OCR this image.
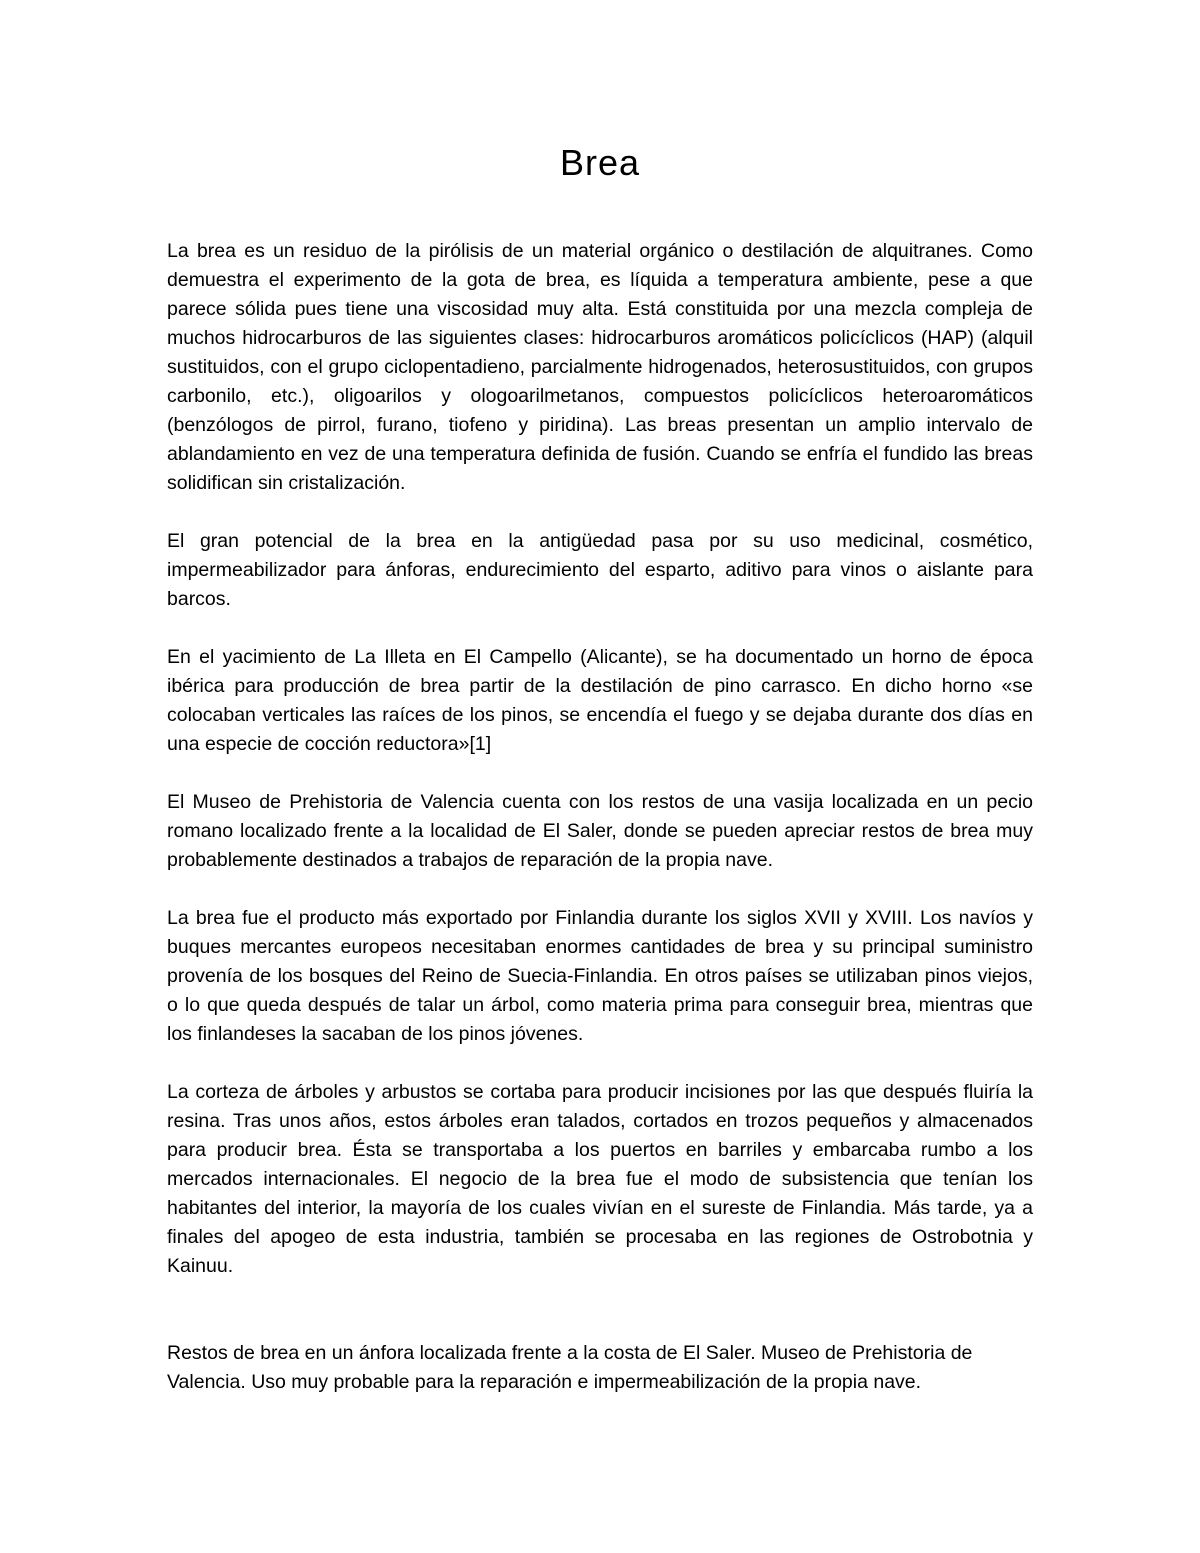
Brea

La brea es un residuo de la pirólisis de un material orgánico o destilación de alquitranes. Como demuestra el experimento de la gota de brea, es líquida a temperatura ambiente, pese a que parece sólida pues tiene una viscosidad muy alta. Está constituida por una mezcla compleja de muchos hidrocarburos de las siguientes clases: hidrocarburos aromáticos policíclicos (HAP) (alquil sustituidos, con el grupo ciclopentadieno, parcialmente hidrogenados, heterosustituidos, con grupos carbonilo, etc.), oligoarilos y ologoarilmetanos, compuestos policíclicos heteroaromáticos (benzólogos de pirrol, furano, tiofeno y piridina). Las breas presentan un amplio intervalo de ablandamiento en vez de una temperatura definida de fusión. Cuando se enfría el fundido las breas solidifican sin cristalización.

El gran potencial de la brea en la antigüedad pasa por su uso medicinal, cosmético, impermeabilizador para ánforas, endurecimiento del esparto, aditivo para vinos o aislante para barcos.

En el yacimiento de La Illeta en El Campello (Alicante), se ha documentado un horno de época ibérica para producción de brea partir de la destilación de pino carrasco. En dicho horno «se colocaban verticales las raíces de los pinos, se encendía el fuego y se dejaba durante dos días en una especie de cocción reductora»[1]

El Museo de Prehistoria de Valencia cuenta con los restos de una vasija localizada en un pecio romano localizado frente a la localidad de El Saler, donde se pueden apreciar restos de brea muy probablemente destinados a trabajos de reparación de la propia nave.

La brea fue el producto más exportado por Finlandia durante los siglos XVII y XVIII. Los navíos y buques mercantes europeos necesitaban enormes cantidades de brea y su principal suministro provenía de los bosques del Reino de Suecia-Finlandia. En otros países se utilizaban pinos viejos, o lo que queda después de talar un árbol, como materia prima para conseguir brea, mientras que los finlandeses la sacaban de los pinos jóvenes.

La corteza de árboles y arbustos se cortaba para producir incisiones por las que después fluiría la resina. Tras unos años, estos árboles eran talados, cortados en trozos pequeños y almacenados para producir brea. Ésta se transportaba a los puertos en barriles y embarcaba rumbo a los mercados internacionales. El negocio de la brea fue el modo de subsistencia que tenían los habitantes del interior, la mayoría de los cuales vivían en el sureste de Finlandia. Más tarde, ya a finales del apogeo de esta industria, también se procesaba en las regiones de Ostrobotnia y Kainuu.

Restos de brea en un ánfora localizada frente a la costa de El Saler. Museo de Prehistoria de Valencia. Uso muy probable para la reparación e impermeabilización de la propia nave.
